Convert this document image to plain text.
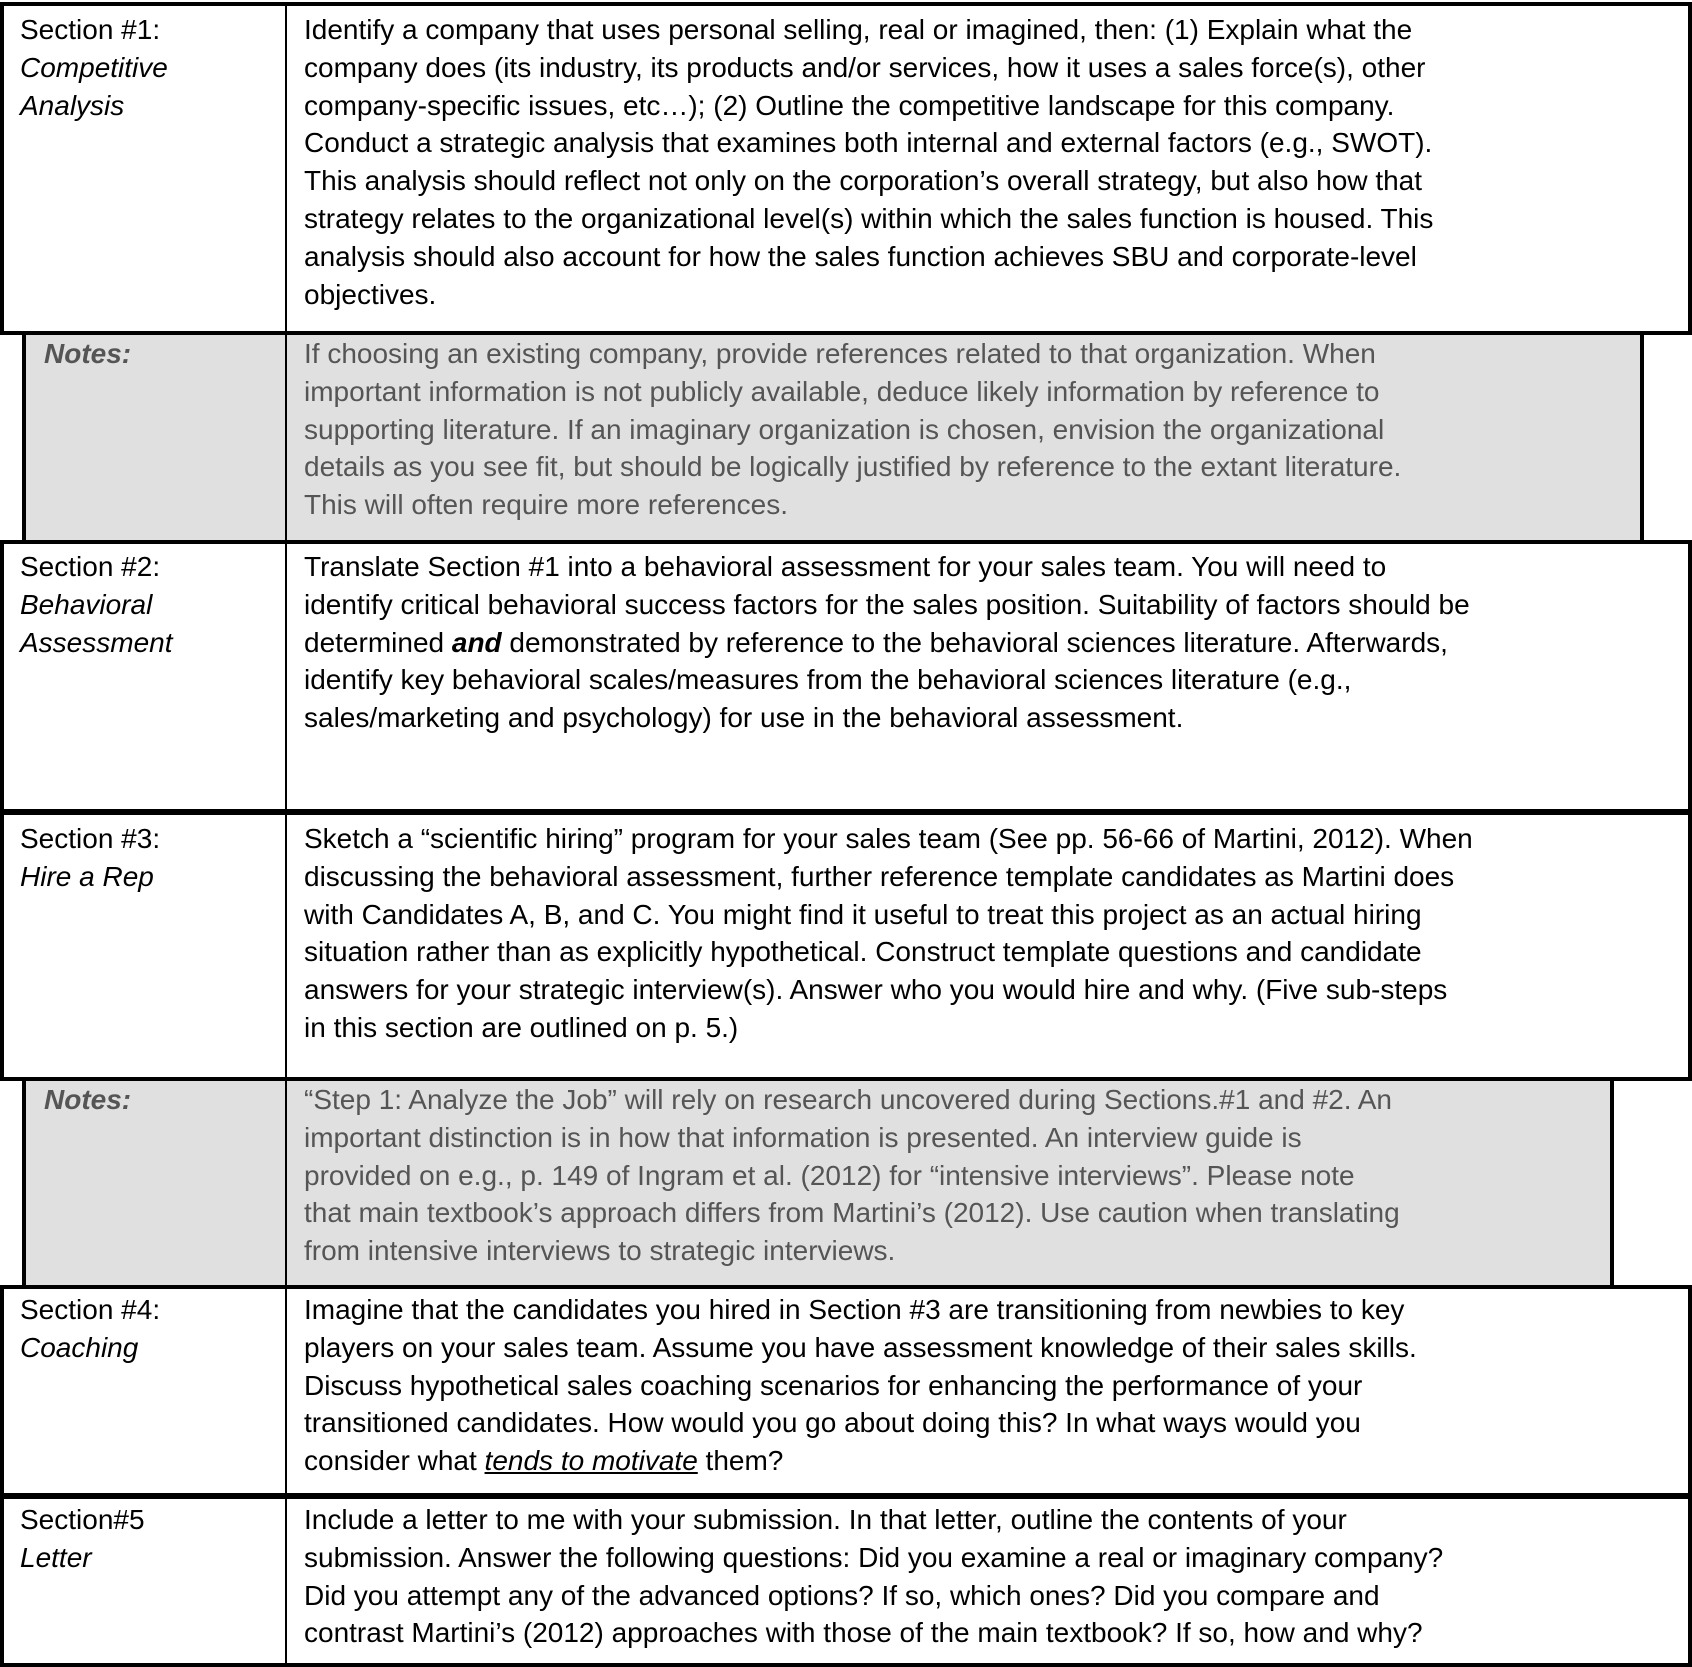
Section #1:
Competitive
Analysis
Identify a company that uses personal selling, real or imagined, then: (1) Explain what the
company does (its industry, its products and/or services, how it uses a sales force(s), other
company-specific issues, etc…); (2) Outline the competitive landscape for this company.
Conduct a strategic analysis that examines both internal and external factors (e.g., SWOT).
This analysis should reflect not only on the corporation’s overall strategy, but also how that
strategy relates to the organizational level(s) within which the sales function is housed. This
analysis should also account for how the sales function achieves SBU and corporate-level
objectives.
Notes:	If choosing an existing company, provide references related to that organization. When
important information is not publicly available, deduce likely information by reference to
supporting literature. If an imaginary organization is chosen, envision the organizational
details as you see fit, but should be logically justified by reference to the extant literature.
This will often require more references.
Section #2:
Behavioral
Assessment
Translate Section #1 into a behavioral assessment for your sales team. You will need to
identify critical behavioral success factors for the sales position. Suitability of factors should be
determined and demonstrated by reference to the behavioral sciences literature. Afterwards,
identify key behavioral scales/measures from the behavioral sciences literature (e.g.,
sales/marketing and psychology) for use in the behavioral assessment.
Section #3:
Hire a Rep
Sketch a “scientific hiring” program for your sales team (See pp. 56-66 of Martini, 2012). When
discussing the behavioral assessment, further reference template candidates as Martini does
with Candidates A, B, and C. You might find it useful to treat this project as an actual hiring
situation rather than as explicitly hypothetical. Construct template questions and candidate
answers for your strategic interview(s). Answer who you would hire and why. (Five sub-steps
in this section are outlined on p. 5.)
Notes:	“Step 1: Analyze the Job” will rely on research uncovered during Sections.#1 and #2. An
important distinction is in how that information is presented. An interview guide is
provided on e.g., p. 149 of Ingram et al. (2012) for “intensive interviews”. Please note
that main textbook’s approach differs from Martini’s (2012). Use caution when translating
from intensive interviews to strategic interviews.
Section #4:
Coaching
Imagine that the candidates you hired in Section #3 are transitioning from newbies to key
players on your sales team. Assume you have assessment knowledge of their sales skills.
Discuss hypothetical sales coaching scenarios for enhancing the performance of your
transitioned candidates. How would you go about doing this? In what ways would you
consider what tends to motivate them?
Section#5
Letter
Include a letter to me with your submission. In that letter, outline the contents of your
submission. Answer the following questions: Did you examine a real or imaginary company?
Did you attempt any of the advanced options? If so, which ones? Did you compare and
contrast Martini’s (2012) approaches with those of the main textbook? If so, how and why?
